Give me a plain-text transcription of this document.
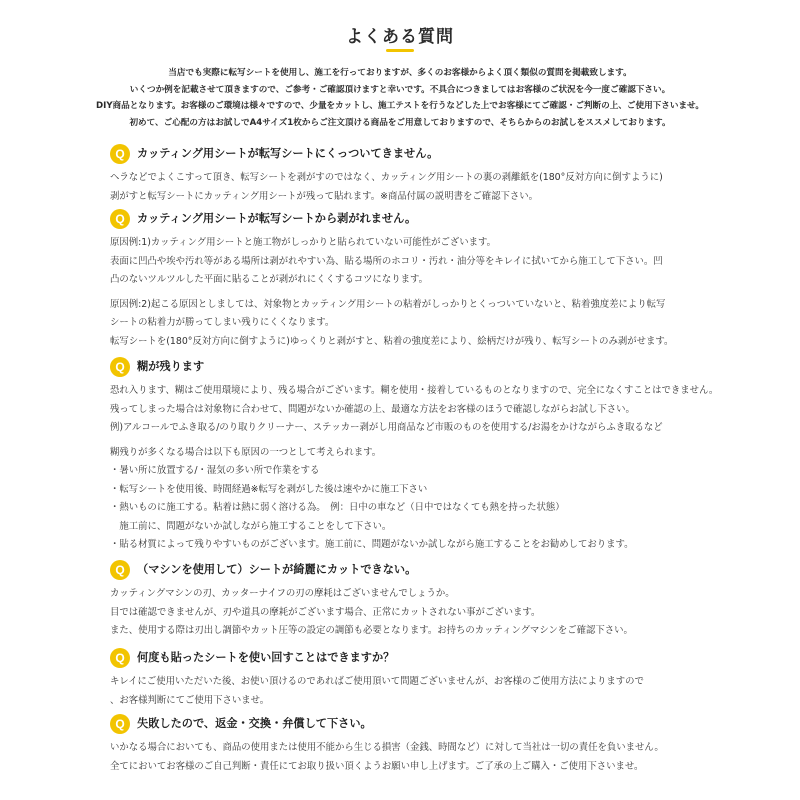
よくある質問
当店でも実際に転写シートを使用し、施工を行っておりますが、多くのお客様からよく頂く類似の質問を掲載致します。
いくつか例を記載させて頂きますので、ご参考・ご確認頂けますと幸いです。不具合につきましてはお客様のご状況を今一度ご確認下さい。
DIY商品となります。お客様のご環境は様々ですので、少量をカットし、施工テストを行うなどした上でお客様にてご確認・ご判断の上、ご使用下さいませ。
初めて、ご心配の方はお試しでA4サイズ1枚からご注文頂ける商品をご用意しておりますので、そちらからのお試しをススメしております。
Q	カッティング用シートが転写シートにくっついてきません。
ヘラなどでよくこすって頂き、転写シートを剥がすのではなく、カッティング用シートの裏の剥離紙を(180°反対方向に倒すように)
剥がすと転写シートにカッティング用シートが残って貼れます。※商品付属の説明書をご確認下さい。
Q	カッティング用シートが転写シートから剥がれません。
原因例:1)カッティング用シートと施工物がしっかりと貼られていない可能性がございます。
表面に凹凸や埃や汚れ等がある場所は剥がれやすい為、貼る場所のホコリ・汚れ・油分等をキレイに拭いてから施工して下さい。凹
凸のないツルツルした平面に貼ることが剥がれにくくするコツになります。
原因例:2)起こる原因としましては、対象物とカッティング用シートの粘着がしっかりとくっついていないと、粘着強度差により転写
シートの粘着力が勝ってしまい残りにくくなります。
転写シートを(180°反対方向に倒すように)ゆっくりと剥がすと、粘着の強度差により、絵柄だけが残り、転写シートのみ剥がせます。
Q	糊が残ります
恐れ入ります、糊はご使用環境により、残る場合がございます。糊を使用・接着しているものとなりますので、完全になくすことはできません。
残ってしまった場合は対象物に合わせて、問題がないか確認の上、最適な方法をお客様のほうで確認しながらお試し下さい。
例)アルコールでふき取る/のり取りクリーナー、ステッカー剥がし用商品など市販のものを使用する/お湯をかけながらふき取るなど
糊残りが多くなる場合は以下も原因の一つとして考えられます。
・暑い所に放置する/・湿気の多い所で作業をする
・転写シートを使用後、時間経過※転写を剥がした後は速やかに施工下さい
・熱いものに施工する。粘着は熱に弱く溶ける為。　例：日中の車など（日中ではなくても熱を持った状態）
　施工前に、問題がないか試しながら施工することをして下さい。
・貼る材質によって残りやすいものがございます。施工前に、問題がないか試しながら施工することをお勧めしております。
Q	（マシンを使用して）シートが綺麗にカットできない。
カッティングマシンの刃、カッターナイフの刃の摩耗はございませんでしょうか。
目では確認できませんが、刃や道具の摩耗がございます場合、正常にカットされない事がございます。
また、使用する際は刃出し調節やカット圧等の設定の調節も必要となります。お持ちのカッティングマシンをご確認下さい。
Q	何度も貼ったシートを使い回すことはできますか？
キレイにご使用いただいた後、お使い頂けるのであればご使用頂いて問題ございませんが、お客様のご使用方法によりますので
、お客様判断にてご使用下さいませ。
Q	失敗したので、返金・交換・弁償して下さい。
いかなる場合においても、商品の使用または使用不能から生じる損害（金銭、時間など）に対して当社は一切の責任を負いません。
全てにおいてお客様のご自己判断・責任にてお取り扱い頂くようお願い申し上げます。ご了承の上ご購入・ご使用下さいませ。
